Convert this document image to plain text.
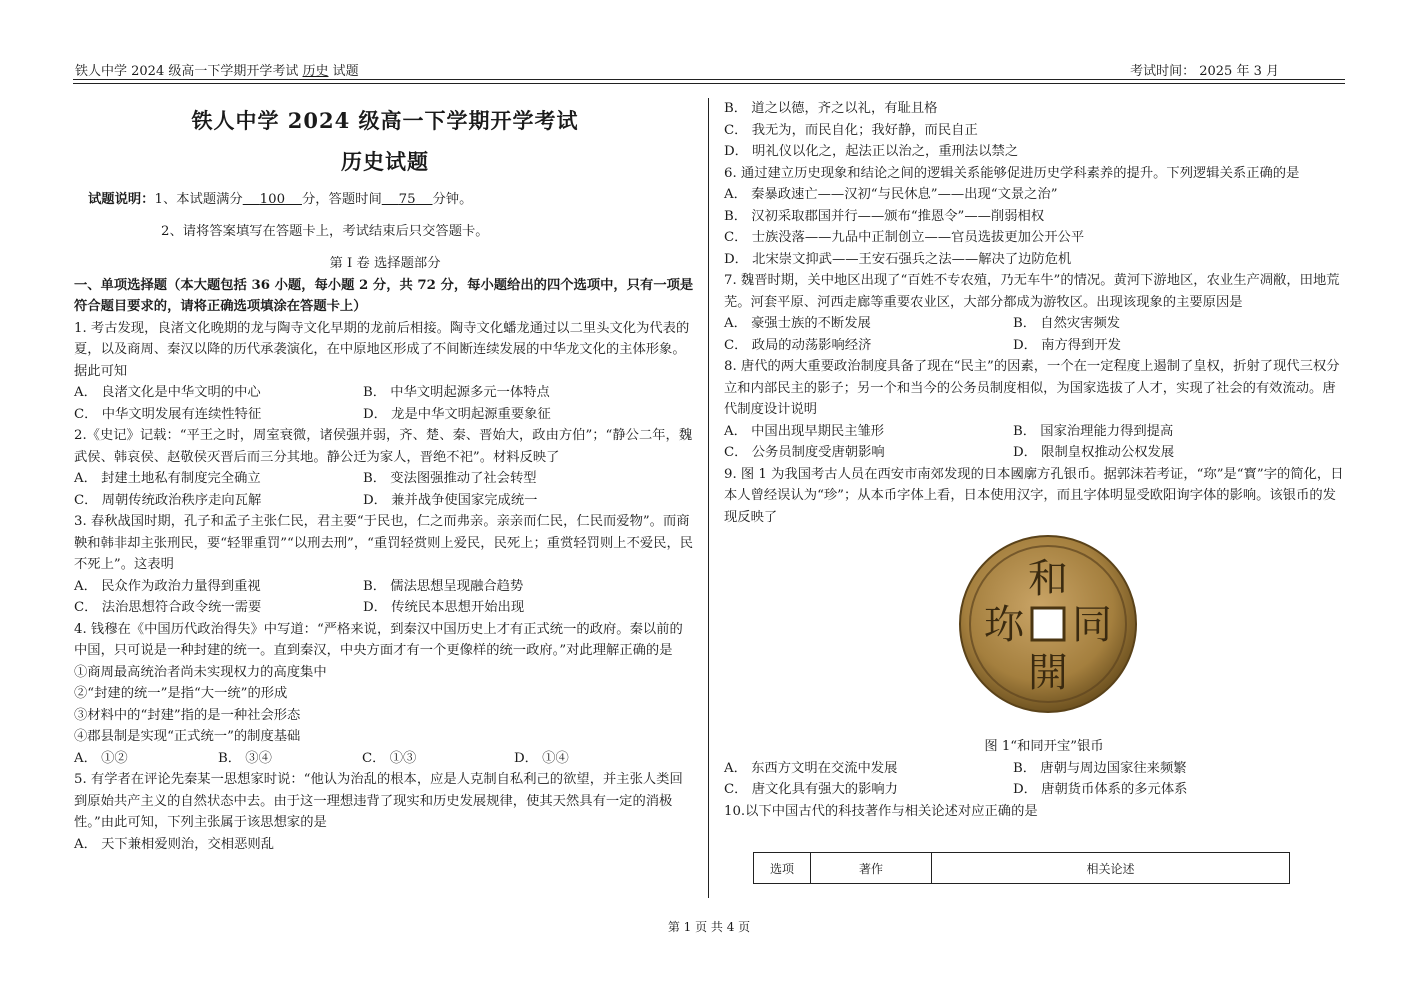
铁人中学 2024 级高一下学期开学考试 历史 试题	考试时间： 2025 年 3 月

铁人中学 2024 级高一下学期开学考试

历史试题

试题说明：1、本试题满分 100 分，答题时间 75 分钟。

2、请将答案填写在答题卡上，考试结束后只交答题卡。

第 I 卷 选择题部分

一、单项选择题（本大题包括 36 小题，每小题 2 分，共 72 分，每小题给出的四个选项中，只有一项是符合题目要求的，请将正确选项填涂在答题卡上）

1. 考古发现，良渚文化晚期的龙与陶寺文化早期的龙前后相接。陶寺文化蟠龙通过以二里头文化为代表的夏，以及商周、秦汉以降的历代承袭演化，在中原地区形成了不间断连续发展的中华龙文化的主体形象。据此可知

A． 良渚文化是中华文明的中心	B． 中华文明起源多元一体特点
C． 中华文明发展有连续性特征	D． 龙是中华文明起源重要象征

2.《史记》记载：“平王之时，周室衰微，诸侯强并弱，齐、楚、秦、晋始大，政由方伯”；“静公二年，魏武侯、韩哀侯、赵敬侯灭晋后而三分其地。静公迁为家人，晋绝不祀”。材料反映了

A． 封建土地私有制度完全确立	B． 变法图强推动了社会转型
C． 周朝传统政治秩序走向瓦解	D． 兼并战争使国家完成统一

3. 春秋战国时期，孔子和孟子主张仁民，君主要“于民也，仁之而弗亲。亲亲而仁民，仁民而爱物”。而商鞅和韩非却主张刑民，要“轻罪重罚”“以刑去刑”，“重罚轻赏则上爱民，民死上；重赏轻罚则上不爱民，民不死上”。这表明

A． 民众作为政治力量得到重视	B． 儒法思想呈现融合趋势
C． 法治思想符合政令统一需要	D． 传统民本思想开始出现

4. 钱穆在《中国历代政治得失》中写道：“严格来说，到秦汉中国历史上才有正式统一的政府。秦以前的中国，只可说是一种封建的统一。直到秦汉，中央方面才有一个更像样的统一政府。”对此理解正确的是

①商周最高统治者尚未实现权力的高度集中

②“封建的统一”是指“大一统”的形成

③材料中的“封建”指的是一种社会形态

④郡县制是实现“正式统一”的制度基础

A． ①②	B． ③④	C． ①③	D． ①④

5. 有学者在评论先秦某一思想家时说：“他认为治乱的根本，应是人克制自私利己的欲望，并主张人类回到原始共产主义的自然状态中去。由于这一理想违背了现实和历史发展规律，使其天然具有一定的消极性。”由此可知，下列主张属于该思想家的是

A． 天下兼相爱则治，交相恶则乱

B． 道之以德，齐之以礼，有耻且格

C． 我无为，而民自化；我好静，而民自正

D． 明礼仪以化之，起法正以治之，重刑法以禁之

6. 通过建立历史现象和结论之间的逻辑关系能够促进历史学科素养的提升。下列逻辑关系正确的是

A． 秦暴政速亡——汉初“与民休息”——出现“文景之治”

B． 汉初采取郡国并行——颁布“推恩令”——削弱相权

C． 士族没落——九品中正制创立——官员选拔更加公开公平

D． 北宋崇文抑武——王安石强兵之法——解决了边防危机

7. 魏晋时期，关中地区出现了“百姓不专农殖，乃无车牛”的情况。黄河下游地区，农业生产凋敝，田地荒芜。河套平原、河西走廊等重要农业区，大部分都成为游牧区。出现该现象的主要原因是

A． 豪强士族的不断发展	B． 自然灾害频发
C． 政局的动荡影响经济	D． 南方得到开发

8. 唐代的两大重要政治制度具备了现在“民主”的因素，一个在一定程度上遏制了皇权，折射了现代三权分立和内部民主的影子；另一个和当今的公务员制度相似，为国家选拔了人才，实现了社会的有效流动。唐代制度设计说明

A． 中国出现早期民主雏形	B． 国家治理能力得到提高
C． 公务员制度受唐朝影响	D． 限制皇权推动公权发展

9. 图 1 为我国考古人员在西安市南郊发现的日本國廓方孔银币。据郭沫若考证，“珎”是“寳”字的简化，日本人曾经误认为“珍”；从本币字体上看，日本使用汉字，而且字体明显受欧阳询字体的影响。该银币的发现反映了

和
同
開
珎

图 1“和同开宝”银币

A． 东西方文明在交流中发展	B． 唐朝与周边国家往来频繁
C． 唐文化具有强大的影响力	D． 唐朝货币体系的多元体系

10.以下中国古代的科技著作与相关论述对应正确的是

选项	著作	相关论述
第 1 页 共 4 页
